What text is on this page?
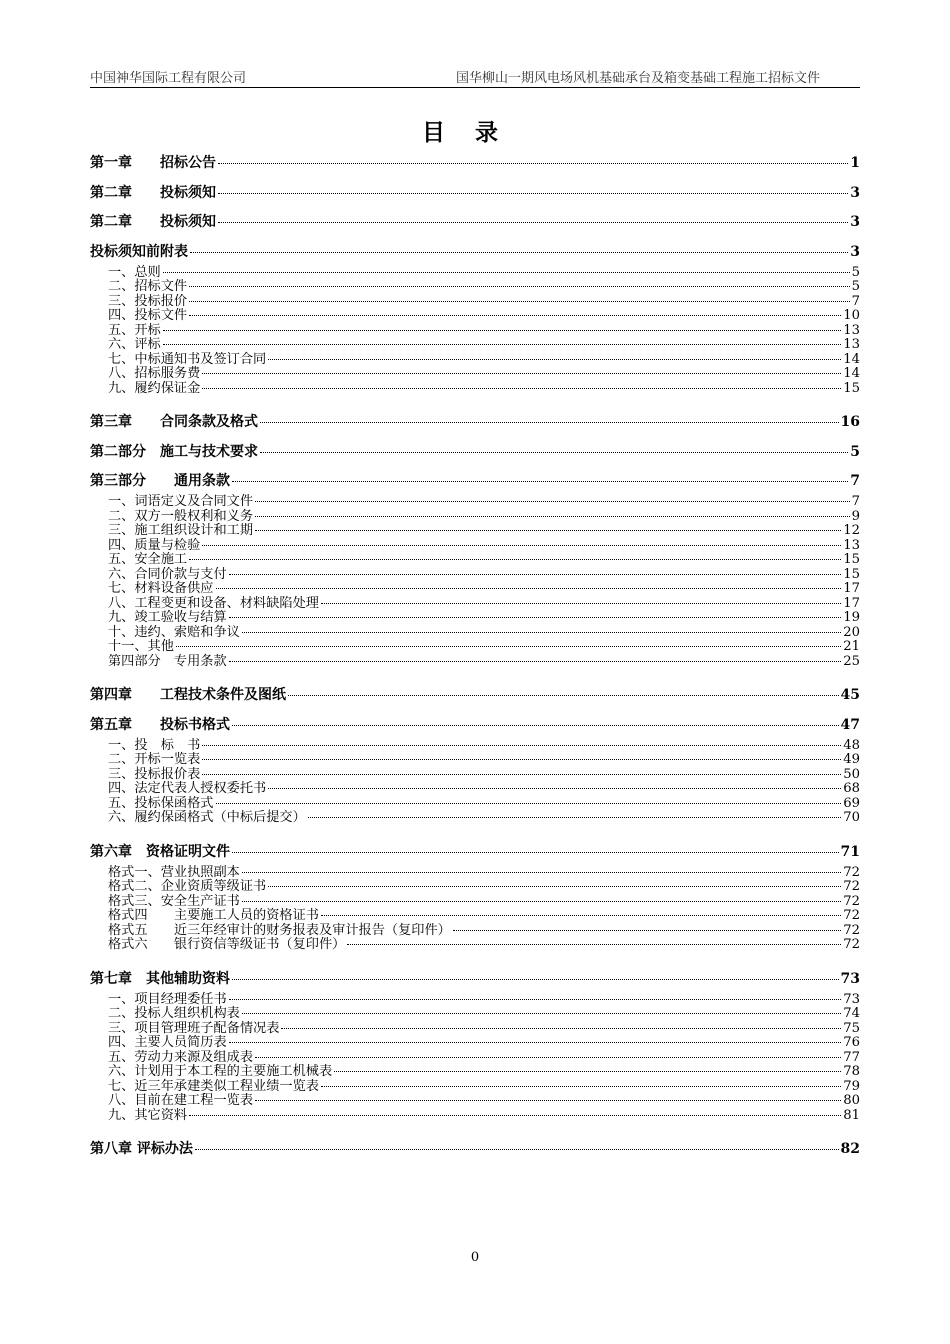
中国神华国际工程有限公司	国华柳山一期风电场风机基础承台及箱变基础工程施工招标文件
目录
第一章　　招标公告	1
第二章　　投标须知	3
第二章　　投标须知	3
投标须知前附表	3
一、总则	5
二、招标文件	5
三、投标报价	7
四、投标文件	10
五、开标	13
六、评标	13
七、中标通知书及签订合同	14
八、招标服务费	14
九、履约保证金	15
第三章　　合同条款及格式	16
第二部分　施工与技术要求	5
第三部分　　通用条款	7
一、词语定义及合同文件	7
二、双方一般权利和义务	9
三、施工组织设计和工期	12
四、质量与检验	13
五、安全施工	15
六、合同价款与支付	15
七、材料设备供应	17
八、工程变更和设备、材料缺陷处理	17
九、竣工验收与结算	19
十、违约、索赔和争议	20
十一、其他	21
第四部分　专用条款	25
第四章　　工程技术条件及图纸	45
第五章　　投标书格式	47
一、投　标　书	48
二、开标一览表	49
三、投标报价表	50
四、法定代表人授权委托书	68
五、投标保函格式	69
六、履约保函格式（中标后提交）	70
第六章　资格证明文件	71
格式一、营业执照副本	72
格式二、企业资质等级证书	72
格式三、安全生产证书	72
格式四　　主要施工人员的资格证书	72
格式五　　近三年经审计的财务报表及审计报告（复印件）	72
格式六　　银行资信等级证书（复印件）	72
第七章　其他辅助资料	73
一、项目经理委任书	73
二、投标人组织机构表	74
三、项目管理班子配备情况表	75
四、主要人员简历表	76
五、劳动力来源及组成表	77
六、计划用于本工程的主要施工机械表	78
七、近三年承建类似工程业绩一览表	79
八、目前在建工程一览表	80
九、其它资料	81
第八章 评标办法	82
0
